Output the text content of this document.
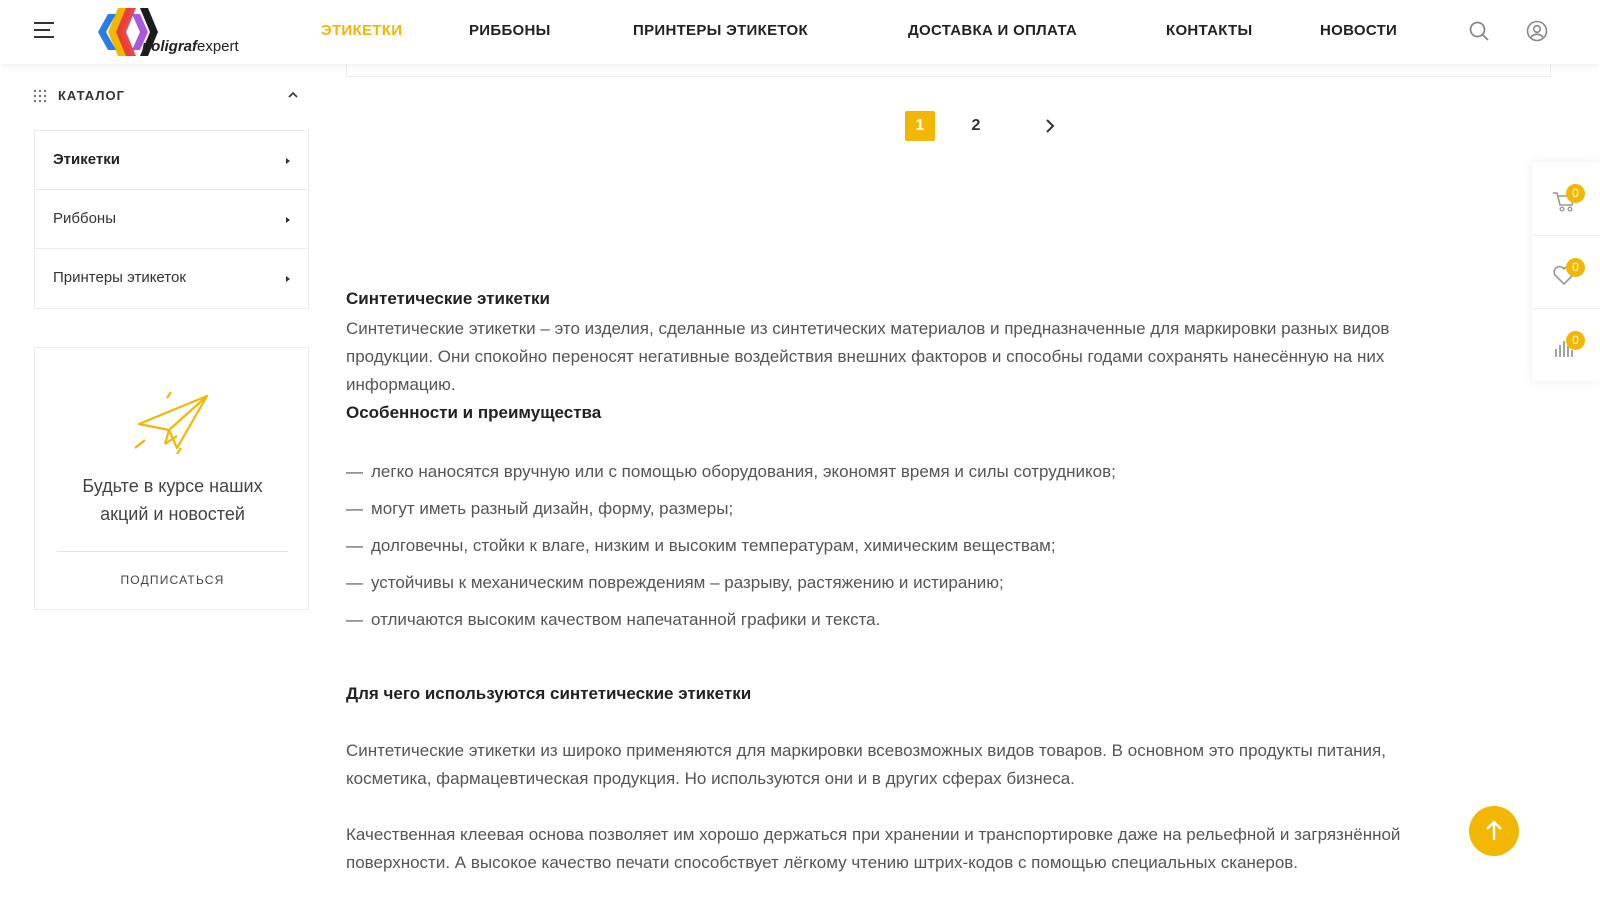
poligrafexpert
ЭТИКЕТКИ	РИББОНЫ	ПРИНТЕРЫ ЭТИКЕТОК	ДОСТАВКА И ОПЛАТА	КОНТАКТЫ	НОВОСТИ
КАТАЛОГ
Этикетки
Риббоны
Принтеры этикеток
Будьте в курсе наших
акций и новостей
ПОДПИСАТЬСЯ
1	2
Синтетические этикетки
Синтетические этикетки – это изделия, сделанные из синтетических материалов и предназначенные для маркировки разных видов
продукции. Они спокойно переносят негативные воздействия внешних факторов и способны годами сохранять нанесённую на них
информацию.
Особенности и преимущества
— легко наносятся вручную или с помощью оборудования, экономят время и силы сотрудников;
— могут иметь разный дизайн, форму, размеры;
— долговечны, стойки к влаге, низким и высоким температурам, химическим веществам;
— устойчивы к механическим повреждениям – разрыву, растяжению и истиранию;
— отличаются высоким качеством напечатанной графики и текста.
Для чего используются синтетические этикетки
Синтетические этикетки из широко применяются для маркировки всевозможных видов товаров. В основном это продукты питания,
косметика, фармацевтическая продукция. Но используются они и в других сферах бизнеса.
Качественная клеевая основа позволяет им хорошо держаться при хранении и транспортировке даже на рельефной и загрязнённой
поверхности. А высокое качество печати способствует лёгкому чтению штрих-кодов с помощью специальных сканеров.
0
0
0
